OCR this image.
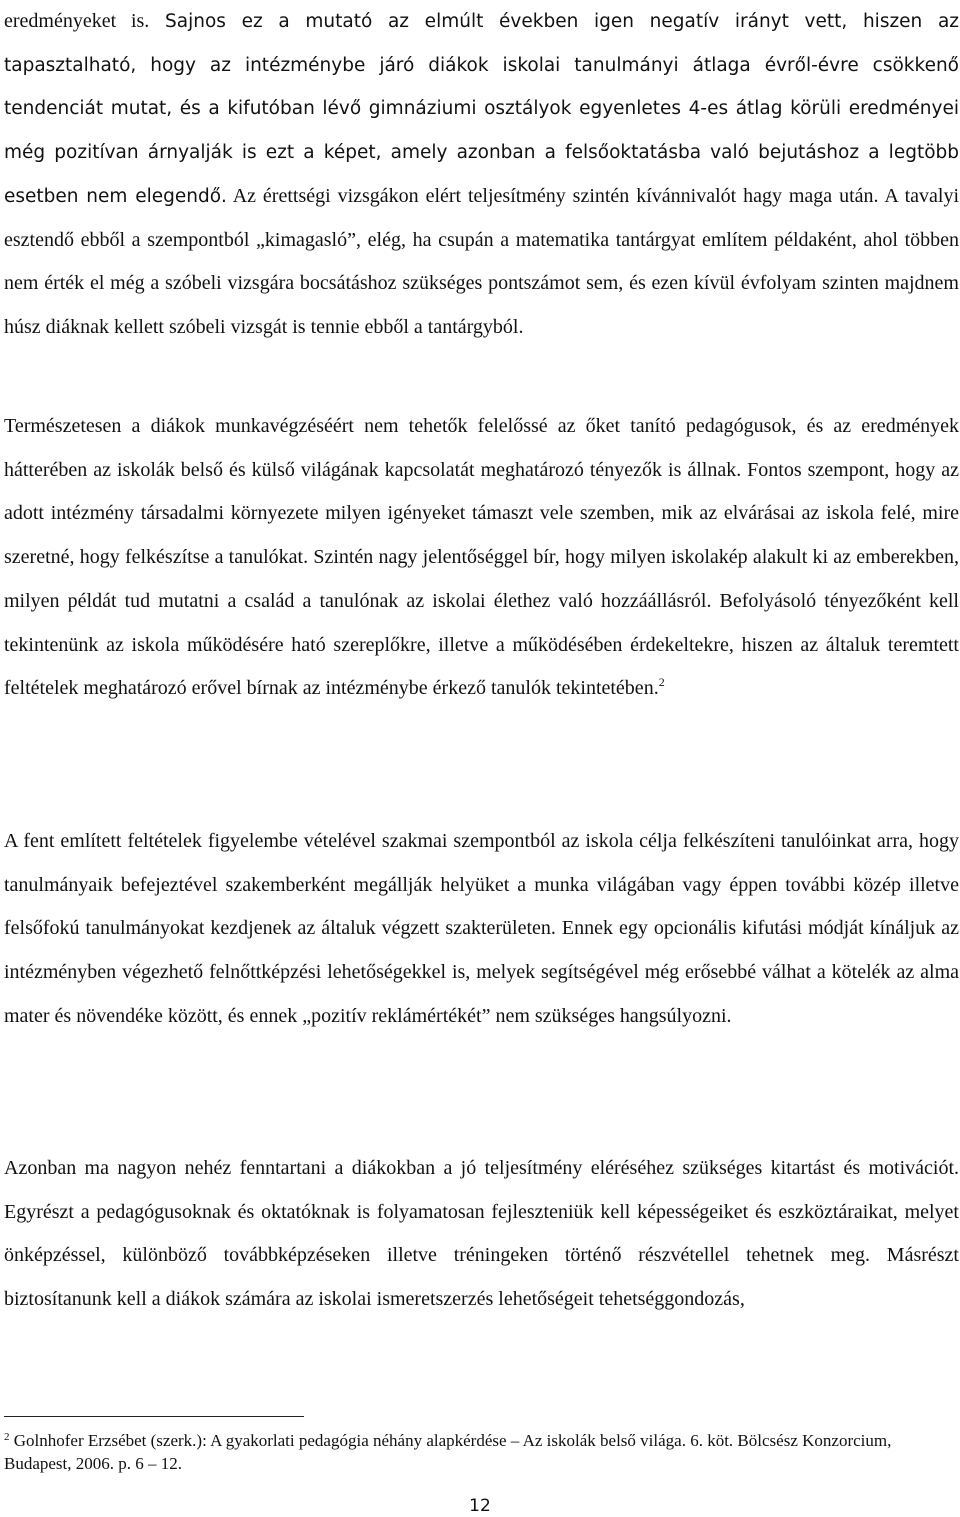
eredményeket is. Sajnos ez a mutató az elmúlt években igen negatív irányt vett, hiszen az tapasztalható, hogy az intézménybe járó diákok iskolai tanulmányi átlaga évről-évre csökkenő tendenciát mutat, és a kifutóban lévő gimnáziumi osztályok egyenletes 4-es átlag körüli eredményei még pozitívan árnyalják is ezt a képet, amely azonban a felsőoktatásba való bejutáshoz a legtöbb esetben nem elegendő. Az érettségi vizsgákon elért teljesítmény szintén kívánnivalót hagy maga után. A tavalyi esztendő ebből a szempontból „kimagasló”, elég, ha csupán a matematika tantárgyat említem példaként, ahol többen nem érték el még a szóbeli vizsgára bocsátáshoz szükséges pontszámot sem, és ezen kívül évfolyam szinten majdnem húsz diáknak kellett szóbeli vizsgát is tennie ebből a tantárgyból.

Természetesen a diákok munkavégzéséért nem tehetők felelőssé az őket tanító pedagógusok, és az eredmények hátterében az iskolák belső és külső világának kapcsolatát meghatározó tényezők is állnak. Fontos szempont, hogy az adott intézmény társadalmi környezete milyen igényeket támaszt vele szemben, mik az elvárásai az iskola felé, mire szeretné, hogy felkészítse a tanulókat. Szintén nagy jelentőséggel bír, hogy milyen iskolakép alakult ki az emberekben, milyen példát tud mutatni a család a tanulónak az iskolai élethez való hozzáállásról. Befolyásoló tényezőként kell tekintenünk az iskola működésére ható szereplőkre, illetve a működésében érdekeltekre, hiszen az általuk teremtett feltételek meghatározó erővel bírnak az intézménybe érkező tanulók tekintetében.$^2$

A fent említett feltételek figyelembe vételével szakmai szempontból az iskola célja felkészíteni tanulóinkat arra, hogy tanulmányaik befejeztével szakemberként megállják helyüket a munka világában vagy éppen további közép illetve felsőfokú tanulmányokat kezdjenek az általuk végzett szakterületen. Ennek egy opcionális kifutási módját kínáljuk az intézményben végezhető felnőttképzési lehetőségekkel is, melyek segítségével még erősebbé válhat a kötelék az alma mater és növendéke között, és ennek „pozitív reklámértékét” nem szükséges hangsúlyozni.

Azonban ma nagyon nehéz fenntartani a diákokban a jó teljesítmény eléréséhez szükséges kitartást és motivációt. Egyrészt a pedagógusoknak és oktatóknak is folyamatosan fejleszteniük kell képességeiket és eszköztáraikat, melyet önképzéssel, különböző továbbképzéseken illetve tréningeken történő részvétellel tehetnek meg. Másrészt biztosítanunk kell a diákok számára az iskolai ismeretszerzés lehetőségeit tehetséggondozás,

$^2$ Golnhofer Erzsébet (szerk.): A gyakorlati pedagógia néhány alapkérdése – Az iskolák belső világa. 6. köt. Bölcsész Konzorcium, Budapest, 2006. p. 6 – 12.
12
